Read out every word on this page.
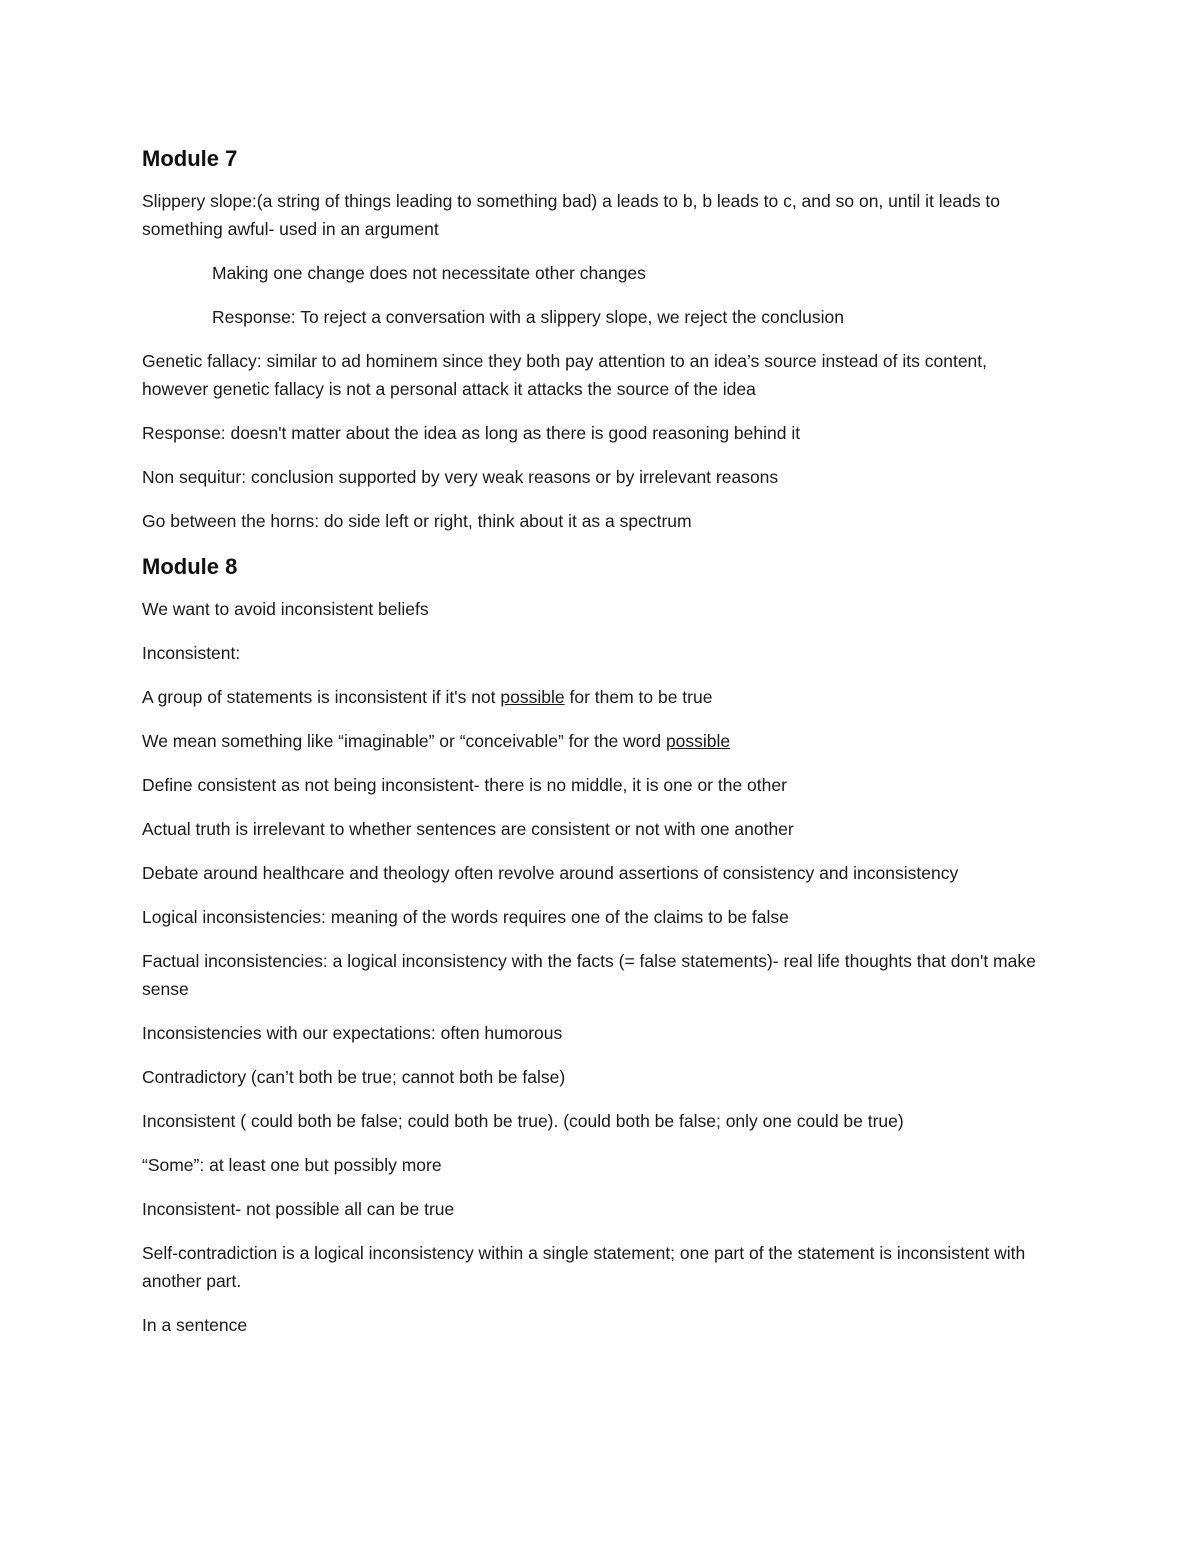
Module 7

Slippery slope:(a string of things leading to something bad) a leads to b, b leads to c, and so on, until it leads to something awful- used in an argument

Making one change does not necessitate other changes

Response: To reject a conversation with a slippery slope, we reject the conclusion

Genetic fallacy: similar to ad hominem since they both pay attention to an idea’s source instead of its content, however genetic fallacy is not a personal attack it attacks the source of the idea

Response: doesn't matter about the idea as long as there is good reasoning behind it

Non sequitur: conclusion supported by very weak reasons or by irrelevant reasons

Go between the horns: do side left or right, think about it as a spectrum

Module 8

We want to avoid inconsistent beliefs

Inconsistent:

A group of statements is inconsistent if it's not possible for them to be true

We mean something like “imaginable” or “conceivable” for the word possible

Define consistent as not being inconsistent- there is no middle, it is one or the other

Actual truth is irrelevant to whether sentences are consistent or not with one another

Debate around healthcare and theology often revolve around assertions of consistency and inconsistency

Logical inconsistencies: meaning of the words requires one of the claims to be false

Factual inconsistencies: a logical inconsistency with the facts (= false statements)- real life thoughts that don't make sense

Inconsistencies with our expectations: often humorous

Contradictory (can’t both be true; cannot both be false)

Inconsistent ( could both be false; could both be true). (could both be false; only one could be true)

“Some”: at least one but possibly more

Inconsistent- not possible all can be true

Self-contradiction is a logical inconsistency within a single statement; one part of the statement is inconsistent with another part.

In a sentence
